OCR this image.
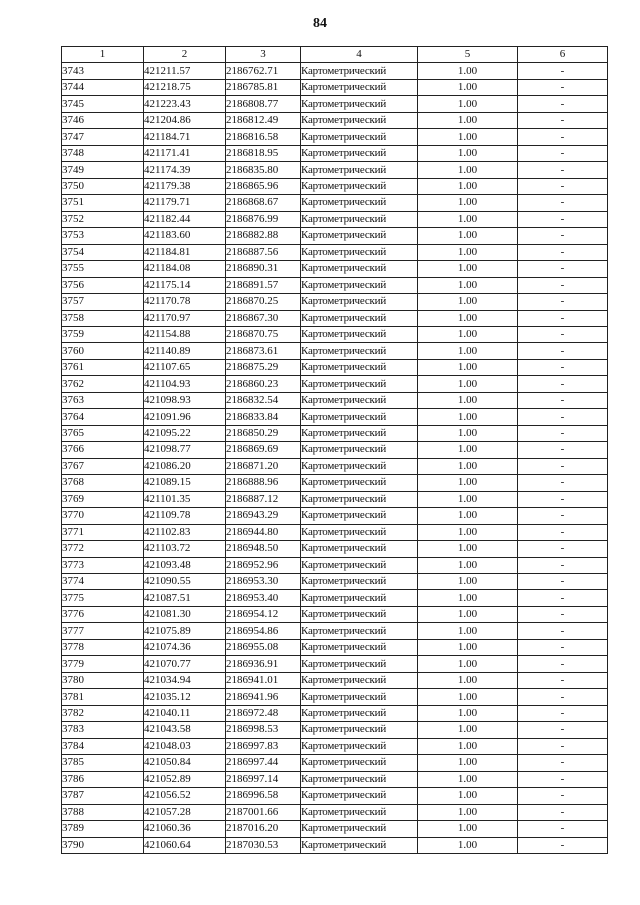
84
1	2	3	4	5	6
3743	421211.57	2186762.71	Картометрический	1.00	-
3744	421218.75	2186785.81	Картометрический	1.00	-
3745	421223.43	2186808.77	Картометрический	1.00	-
3746	421204.86	2186812.49	Картометрический	1.00	-
3747	421184.71	2186816.58	Картометрический	1.00	-
3748	421171.41	2186818.95	Картометрический	1.00	-
3749	421174.39	2186835.80	Картометрический	1.00	-
3750	421179.38	2186865.96	Картометрический	1.00	-
3751	421179.71	2186868.67	Картометрический	1.00	-
3752	421182.44	2186876.99	Картометрический	1.00	-
3753	421183.60	2186882.88	Картометрический	1.00	-
3754	421184.81	2186887.56	Картометрический	1.00	-
3755	421184.08	2186890.31	Картометрический	1.00	-
3756	421175.14	2186891.57	Картометрический	1.00	-
3757	421170.78	2186870.25	Картометрический	1.00	-
3758	421170.97	2186867.30	Картометрический	1.00	-
3759	421154.88	2186870.75	Картометрический	1.00	-
3760	421140.89	2186873.61	Картометрический	1.00	-
3761	421107.65	2186875.29	Картометрический	1.00	-
3762	421104.93	2186860.23	Картометрический	1.00	-
3763	421098.93	2186832.54	Картометрический	1.00	-
3764	421091.96	2186833.84	Картометрический	1.00	-
3765	421095.22	2186850.29	Картометрический	1.00	-
3766	421098.77	2186869.69	Картометрический	1.00	-
3767	421086.20	2186871.20	Картометрический	1.00	-
3768	421089.15	2186888.96	Картометрический	1.00	-
3769	421101.35	2186887.12	Картометрический	1.00	-
3770	421109.78	2186943.29	Картометрический	1.00	-
3771	421102.83	2186944.80	Картометрический	1.00	-
3772	421103.72	2186948.50	Картометрический	1.00	-
3773	421093.48	2186952.96	Картометрический	1.00	-
3774	421090.55	2186953.30	Картометрический	1.00	-
3775	421087.51	2186953.40	Картометрический	1.00	-
3776	421081.30	2186954.12	Картометрический	1.00	-
3777	421075.89	2186954.86	Картометрический	1.00	-
3778	421074.36	2186955.08	Картометрический	1.00	-
3779	421070.77	2186936.91	Картометрический	1.00	-
3780	421034.94	2186941.01	Картометрический	1.00	-
3781	421035.12	2186941.96	Картометрический	1.00	-
3782	421040.11	2186972.48	Картометрический	1.00	-
3783	421043.58	2186998.53	Картометрический	1.00	-
3784	421048.03	2186997.83	Картометрический	1.00	-
3785	421050.84	2186997.44	Картометрический	1.00	-
3786	421052.89	2186997.14	Картометрический	1.00	-
3787	421056.52	2186996.58	Картометрический	1.00	-
3788	421057.28	2187001.66	Картометрический	1.00	-
3789	421060.36	2187016.20	Картометрический	1.00	-
3790	421060.64	2187030.53	Картометрический	1.00	-
